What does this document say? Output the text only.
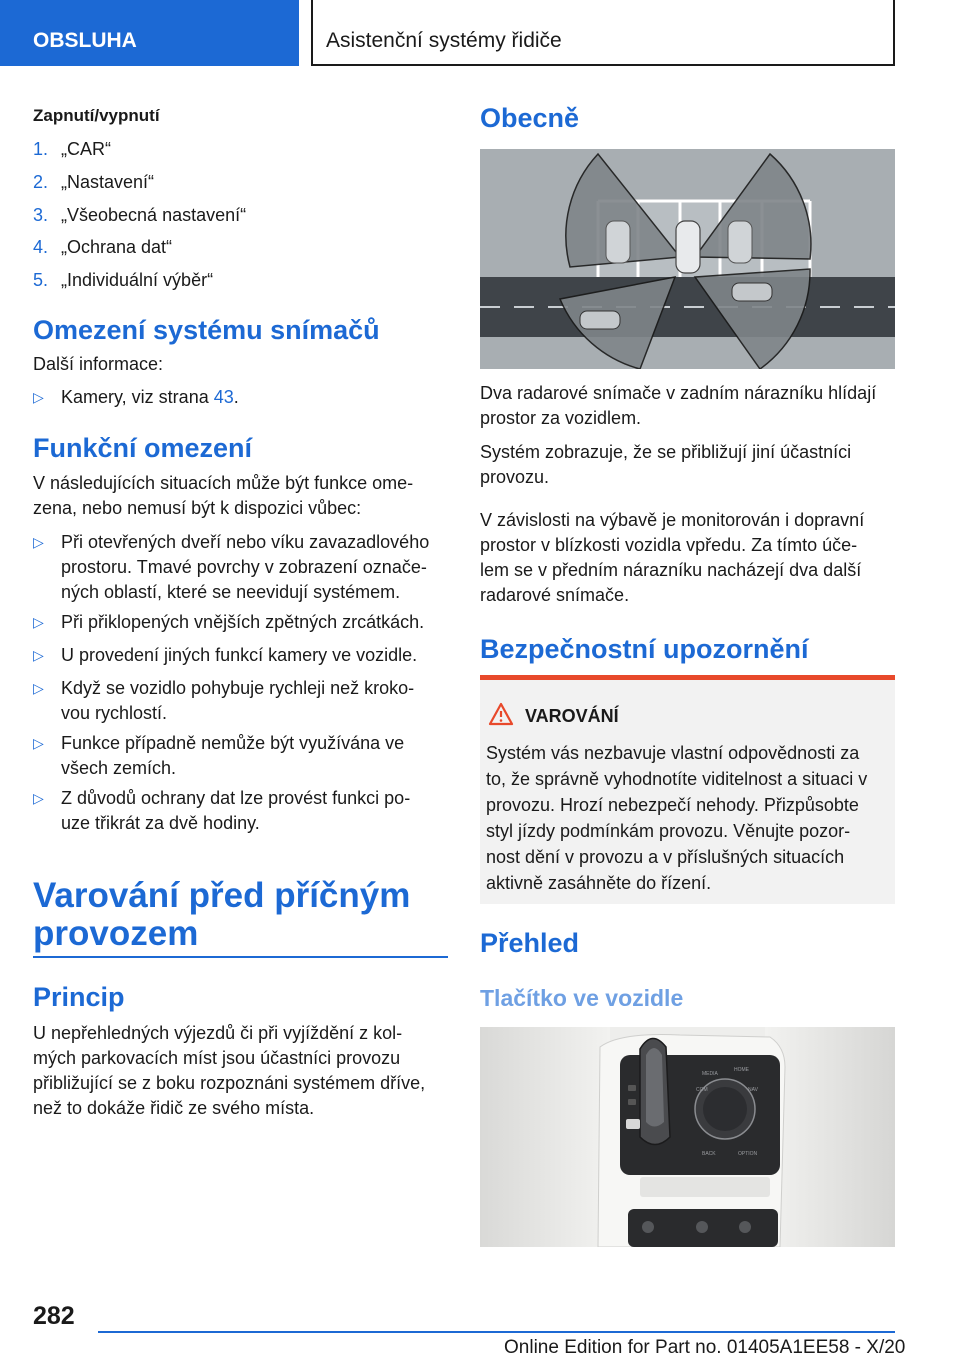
OBSLUHA	Asistenční systémy řidiče
Zapnutí/vypnutí
1. „CAR“
2. „Nastavení“
3. „Všeobecná nastavení“
4. „Ochrana dat“
5. „Individuální výběr“
Omezení systému snímačů
Další informace:
▷ Kamery, viz strana 43.
Funkční omezení
V následujících situacích může být funkce ome‐
zena, nebo nemusí být k dispozici vůbec:
▷ Při otevřených dveří nebo víku zavazadlového
prostoru. Tmavé povrchy v zobrazení označe‐
ných oblastí, které se neevidují systémem.
▷ Při přiklopených vnějších zpětných zrcátkách.
▷ U provedení jiných funkcí kamery ve vozidle.
▷ Když se vozidlo pohybuje rychleji než kroko‐
vou rychlostí.
▷ Funkce případně nemůže být využívána ve
všech zemích.
▷ Z důvodů ochrany dat lze provést funkci po‐
uze třikrát za dvě hodiny.
Varování před příčným
provozem
Princip
U nepřehledných výjezdů či při vyjíždění z kol‐
mých parkovacích míst jsou účastníci provozu
přibližující se z boku rozpoznáni systémem dříve,
než to dokáže řidič ze svého místa.
Obecně
Dva radarové snímače v zadním nárazníku hlídají
prostor za vozidlem.
Systém zobrazuje, že se přibližují jiní účastníci
provozu.
V závislosti na výbavě je monitorován i dopravní
prostor v blízkosti vozidla vpředu. Za tímto úče‐
lem se v předním nárazníku nacházejí dva další
radarové snímače.
Bezpečnostní upozornění
VAROVÁNÍ
Systém vás nezbavuje vlastní odpovědnosti za
to, že správně vyhodnotíte viditelnost a situaci v
provozu. Hrozí nebezpečí nehody. Přizpůsobte
styl jízdy podmínkám provozu. Věnujte pozor‐
nost dění v provozu a v příslušných situacích
aktivně zasáhněte do řízení.
Přehled
Tlačítko ve vozidle
MEDIA
HOME
COM	NAV
BACK	OPTION
282
Online Edition for Part no. 01405A1EE58 - X/20
